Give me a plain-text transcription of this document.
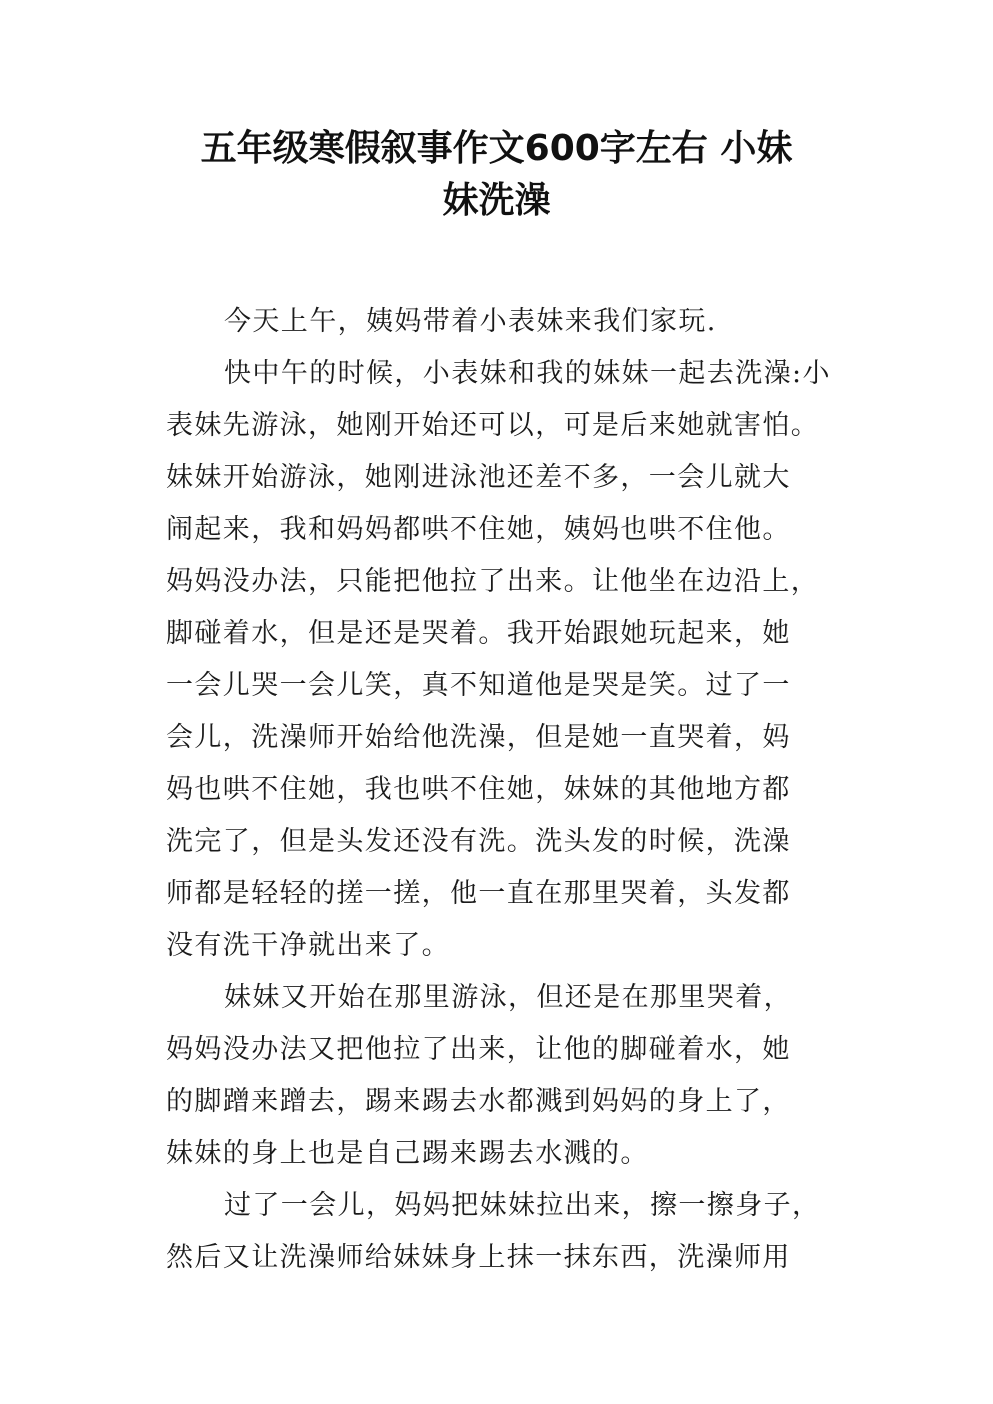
五年级寒假叙事作文600字左右 小妹
妹洗澡
今天上午，姨妈带着小表妹来我们家玩.
快中午的时候，小表妹和我的妹妹一起去洗澡:小
表妹先游泳，她刚开始还可以，可是后来她就害怕。
妹妹开始游泳，她刚进泳池还差不多，一会儿就大
闹起来，我和妈妈都哄不住她，姨妈也哄不住他。
妈妈没办法，只能把他拉了出来。让他坐在边沿上，
脚碰着水，但是还是哭着。我开始跟她玩起来，她
一会儿哭一会儿笑，真不知道他是哭是笑。过了一
会儿，洗澡师开始给他洗澡，但是她一直哭着，妈
妈也哄不住她，我也哄不住她，妹妹的其他地方都
洗完了，但是头发还没有洗。洗头发的时候，洗澡
师都是轻轻的搓一搓，他一直在那里哭着，头发都
没有洗干净就出来了。
妹妹又开始在那里游泳，但还是在那里哭着，
妈妈没办法又把他拉了出来，让他的脚碰着水，她
的脚蹭来蹭去，踢来踢去水都溅到妈妈的身上了，
妹妹的身上也是自己踢来踢去水溅的。
过了一会儿，妈妈把妹妹拉出来，擦一擦身子，
然后又让洗澡师给妹妹身上抹一抹东西，洗澡师用
